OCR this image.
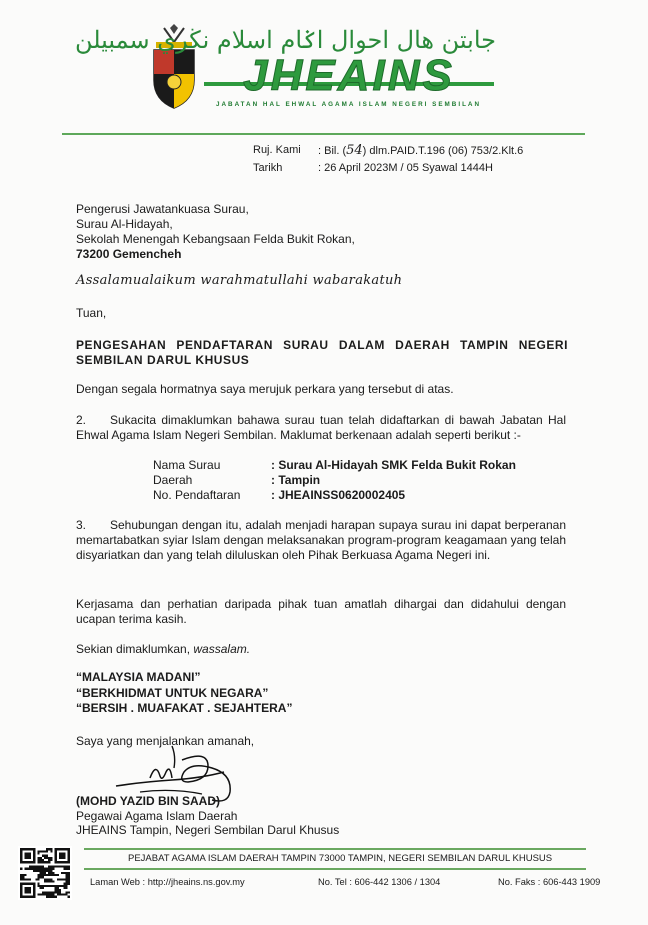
جابتن هال احوال اݢام اسلام نڬري سمبيلن
JHEAINS
JABATAN HAL EHWAL AGAMA ISLAM NEGERI SEMBILAN
Ruj. Kami	: Bil. (54) dlm.PAID.T.196 (06) 753/2.Klt.6
Tarikh	: 26 April 2023M / 05 Syawal 1444H
Pengerusi Jawatankuasa Surau,
Surau Al-Hidayah,
Sekolah Menengah Kebangsaan Felda Bukit Rokan,
73200 Gemencheh
Assalamualaikum warahmatullahi wabarakatuh
Tuan,
PENGESAHAN PENDAFTARAN SURAU DALAM DAERAH TAMPIN NEGERI SEMBILAN DARUL KHUSUS
Dengan segala hormatnya saya merujuk perkara yang tersebut di atas.
2.  Sukacita dimaklumkan bahawa surau tuan telah didaftarkan di bawah Jabatan Hal Ehwal Agama Islam Negeri Sembilan. Maklumat berkenaan adalah seperti berikut :-
Nama Surau	: Surau Al-Hidayah SMK Felda Bukit Rokan
Daerah	: Tampin
No. Pendaftaran	: JHEAINSS0620002405
3.  Sehubungan dengan itu, adalah menjadi harapan supaya surau ini dapat berperanan memartabatkan syiar Islam dengan melaksanakan program-program keagamaan yang telah disyariatkan dan yang telah diluluskan oleh Pihak Berkuasa Agama Negeri ini.
Kerjasama dan perhatian daripada pihak tuan amatlah dihargai dan didahului dengan ucapan terima kasih.
Sekian dimaklumkan, wassalam.
“MALAYSIA MADANI”
“BERKHIDMAT UNTUK NEGARA”
“BERSIH . MUAFAKAT . SEJAHTERA”
Saya yang menjalankan amanah,
(MOHD YAZID BIN SAAD)
Pegawai Agama Islam Daerah
JHEAINS Tampin, Negeri Sembilan Darul Khusus
PEJABAT AGAMA ISLAM DAERAH TAMPIN 73000 TAMPIN, NEGERI SEMBILAN DARUL KHUSUS
Laman Web : http://jheains.ns.gov.my	No. Tel : 606-442 1306 / 1304	No. Faks : 606-443 1909
